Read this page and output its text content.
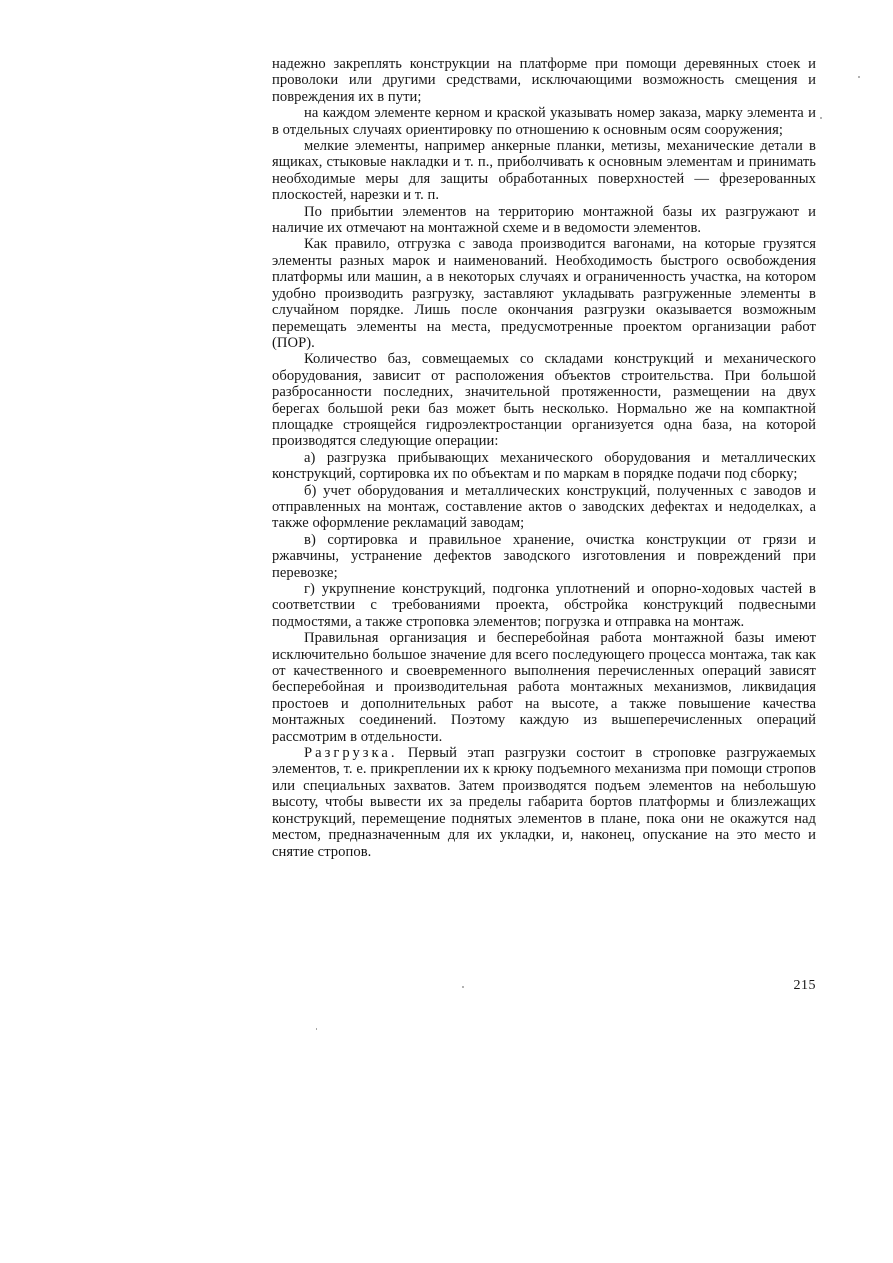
надежно закреплять конструкции на платформе при помощи деревянных стоек и проволоки или другими средствами, исключающими возможность смещения и повреждения их в пути;

на каждом элементе керном и краской указывать номер заказа, марку элемента и в отдельных случаях ориентировку по отношению к основным осям сооружения;

мелкие элементы, например анкерные планки, метизы, механические детали в ящиках, стыковые накладки и т. п., приболчивать к основным элементам и принимать необходимые меры для защиты обработанных поверхностей — фрезерованных плоскостей, нарезки и т. п.

По прибытии элементов на территорию монтажной базы их разгружают и наличие их отмечают на монтажной схеме и в ведомости элементов.

Как правило, отгрузка с завода производится вагонами, на которые грузятся элементы разных марок и наименований. Необходимость быстрого освобождения платформы или машин, а в некоторых случаях и ограниченность участка, на котором удобно производить разгрузку, заставляют укладывать разгруженные элементы в случайном порядке. Лишь после окончания разгрузки оказывается возможным перемещать элементы на места, предусмотренные проектом организации работ (ПОР).

Количество баз, совмещаемых со складами конструкций и механического оборудования, зависит от расположения объектов строительства. При большой разбросанности последних, значительной протяженности, размещении на двух берегах большой реки баз может быть несколько. Нормально же на компактной площадке строящейся гидроэлектростанции организуется одна база, на которой производятся следующие операции:

а) разгрузка прибывающих механического оборудования и металлических конструкций, сортировка их по объектам и по маркам в порядке подачи под сборку;

б) учет оборудования и металлических конструкций, полученных с заводов и отправленных на монтаж, составление актов о заводских дефектах и недоделках, а также оформление рекламаций заводам;

в) сортировка и правильное хранение, очистка конструкции от грязи и ржавчины, устранение дефектов заводского изготовления и повреждений при перевозке;

г) укрупнение конструкций, подгонка уплотнений и опорно-ходовых частей в соответствии с требованиями проекта, обстройка конструкций подвесными подмостями, а также строповка элементов; погрузка и отправка на монтаж.

Правильная организация и бесперебойная работа монтажной базы имеют исключительно большое значение для всего последующего процесса монтажа, так как от качественного и своевременного выполнения перечисленных операций зависят бесперебойная и производительная работа монтажных механизмов, ликвидация простоев и дополнительных работ на высоте, а также повышение качества монтажных соединений. Поэтому каждую из вышеперечисленных операций рассмотрим в отдельности.

Разгрузка. Первый этап разгрузки состоит в строповке разгружаемых элементов, т. е. прикреплении их к крюку подъемного механизма при помощи стропов или специальных захватов. Затем производятся подъем элементов на небольшую высоту, чтобы вывести их за пределы габарита бортов платформы и близлежащих конструкций, перемещение поднятых элементов в плане, пока они не окажутся над местом, предназначенным для их укладки, и, наконец, опускание на это место и снятие стропов.

215
